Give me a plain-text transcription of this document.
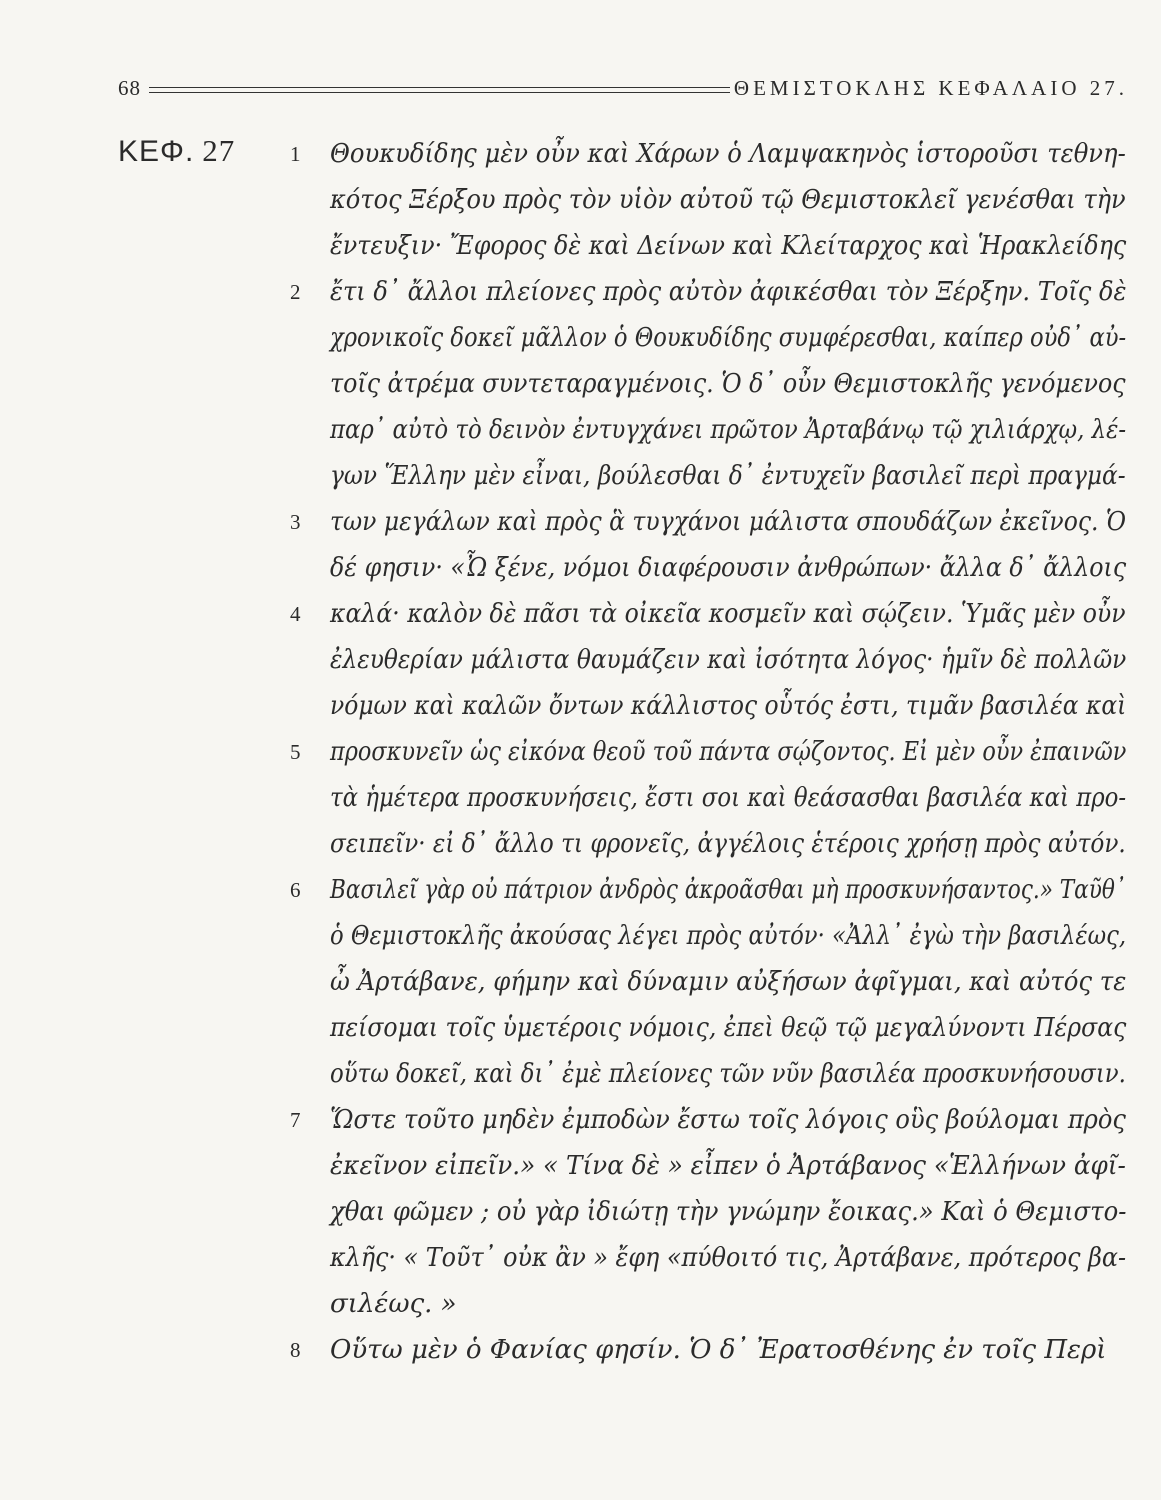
68	ΘΕΜΙΣΤΟΚΛΗΣ ΚΕΦΑΛΑΙΟ 27.
ΚΕΦ. 27	1
2
3
4
5
6
7
8
Θουκυδίδης μὲν οὖν καὶ Χάρων ὁ Λαμψακηνὸς ἱστοροῦσι τεθνη-
κότος Ξέρξου πρὸς τὸν υἱὸν αὐτοῦ τῷ Θεμιστοκλεῖ γενέσθαι τὴν
ἔντευξιν· Ἔφορος δὲ καὶ Δείνων καὶ Κλείταρχος καὶ Ἡρακλείδης
ἔτι δ᾽ ἄλλοι πλείονες πρὸς αὐτὸν ἀφικέσθαι τὸν Ξέρξην. Τοῖς δὲ
χρονικοῖς δοκεῖ μᾶλλον ὁ Θουκυδίδης συμφέρεσθαι, καίπερ οὐδ᾽ αὐ-
τοῖς ἀτρέμα συντεταραγμένοις. Ὁ δ᾽ οὖν Θεμιστοκλῆς γενόμενος
παρ᾽ αὐτὸ τὸ δεινὸν ἐντυγχάνει πρῶτον Ἀρταβάνῳ τῷ χιλιάρχῳ, λέ-
γων Ἕλλην μὲν εἶναι, βούλεσθαι δ᾽ ἐντυχεῖν βασιλεῖ περὶ πραγμά-
των μεγάλων καὶ πρὸς ἃ τυγχάνοι μάλιστα σπουδάζων ἐκεῖνος. Ὁ
δέ φησιν· «Ὦ ξένε, νόμοι διαφέρουσιν ἀνθρώπων· ἄλλα δ᾽ ἄλλοις
καλά· καλὸν δὲ πᾶσι τὰ οἰκεῖα κοσμεῖν καὶ σῴζειν. Ὑμᾶς μὲν οὖν
ἐλευθερίαν μάλιστα θαυμάζειν καὶ ἰσότητα λόγος· ἡμῖν δὲ πολλῶν
νόμων καὶ καλῶν ὄντων κάλλιστος οὗτός ἐστι, τιμᾶν βασιλέα καὶ
προσκυνεῖν ὡς εἰκόνα θεοῦ τοῦ πάντα σῴζοντος. Εἰ μὲν οὖν ἐπαινῶν
τὰ ἡμέτερα προσκυνήσεις, ἔστι σοι καὶ θεάσασθαι βασιλέα καὶ προ-
σειπεῖν· εἰ δ᾽ ἄλλο τι φρονεῖς, ἀγγέλοις ἑτέροις χρήσῃ πρὸς αὐτόν.
Βασιλεῖ γὰρ οὐ πάτριον ἀνδρὸς ἀκροᾶσθαι μὴ προσκυνήσαντος.» Ταῦθ᾽
ὁ Θεμιστοκλῆς ἀκούσας λέγει πρὸς αὐτόν· «Ἀλλ᾽ ἐγὼ τὴν βασιλέως,
ὦ Ἀρτάβανε, φήμην καὶ δύναμιν αὐξήσων ἀφῖγμαι, καὶ αὐτός τε
πείσομαι τοῖς ὑμετέροις νόμοις, ἐπεὶ θεῷ τῷ μεγαλύνοντι Πέρσας
οὕτω δοκεῖ, καὶ δι᾽ ἐμὲ πλείονες τῶν νῦν βασιλέα προσκυνήσουσιν.
Ὥστε τοῦτο μηδὲν ἐμποδὼν ἔστω τοῖς λόγοις οὓς βούλομαι πρὸς
ἐκεῖνον εἰπεῖν.» « Τίνα δὲ » εἶπεν ὁ Ἀρτάβανος «Ἑλλήνων ἀφῖ-
χθαι φῶμεν ; οὐ γὰρ ἰδιώτῃ τὴν γνώμην ἔοικας.» Καὶ ὁ Θεμιστο-
κλῆς· « Τοῦτ᾽ οὐκ ἂν » ἔφη «πύθοιτό τις, Ἀρτάβανε, πρότερος βα-
σιλέως. »
Οὕτω μὲν ὁ Φανίας φησίν. Ὁ δ᾽ Ἐρατοσθένης ἐν τοῖς Περὶ
